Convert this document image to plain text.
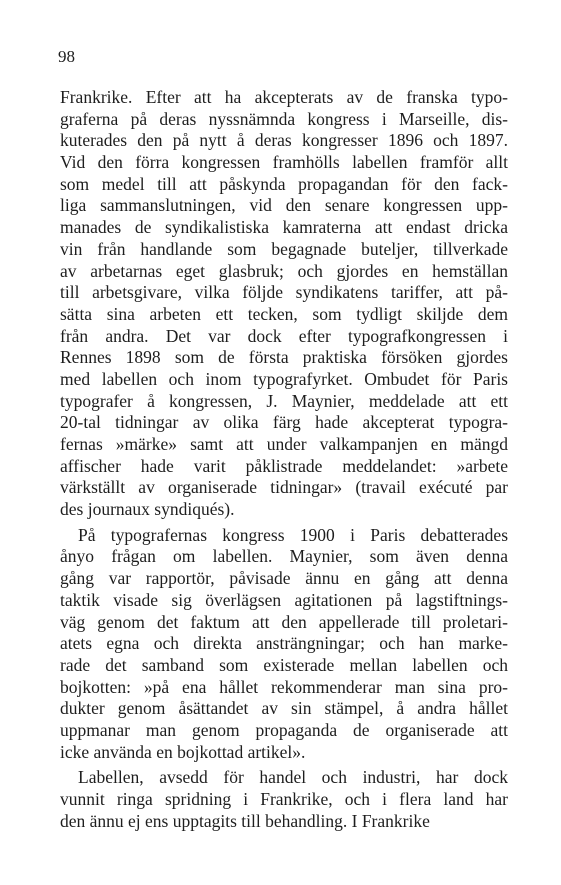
98
Frankrike. Efter att ha akcepterats av de franska typo-
graferna på deras nyssnämnda kongress i Marseille, dis-
kuterades den på nytt å deras kongresser 1896 och 1897.
Vid den förra kongressen framhölls labellen framför allt
som medel till att påskynda propagandan för den fack-
liga sammanslutningen, vid den senare kongressen upp-
manades de syndikalistiska kamraterna att endast dricka
vin från handlande som begagnade buteljer, tillverkade
av arbetarnas eget glasbruk; och gjordes en hemställan
till arbetsgivare, vilka följde syndikatens tariffer, att på-
sätta sina arbeten ett tecken, som tydligt skiljde dem
från andra. Det var dock efter typografkongressen i
Rennes 1898 som de första praktiska försöken gjordes
med labellen och inom typografyrket. Ombudet för Paris
typografer å kongressen, J. Maynier, meddelade att ett
20-tal tidningar av olika färg hade akcepterat typogra-
fernas »märke» samt att under valkampanjen en mängd
affischer hade varit påklistrade meddelandet: »arbete
värkställt av organiserade tidningar» (travail exécuté par
des journaux syndiqués).
På typografernas kongress 1900 i Paris debatterades
ånyo frågan om labellen. Maynier, som även denna
gång var rapportör, påvisade ännu en gång att denna
taktik visade sig överlägsen agitationen på lagstiftnings-
väg genom det faktum att den appellerade till proletari-
atets egna och direkta ansträngningar; och han marke-
rade det samband som existerade mellan labellen och
bojkotten: »på ena hållet rekommenderar man sina pro-
dukter genom åsättandet av sin stämpel, å andra hållet
uppmanar man genom propaganda de organiserade att
icke använda en bojkottad artikel».
Labellen, avsedd för handel och industri, har dock
vunnit ringa spridning i Frankrike, och i flera land har
den ännu ej ens upptagits till behandling. I Frankrike
